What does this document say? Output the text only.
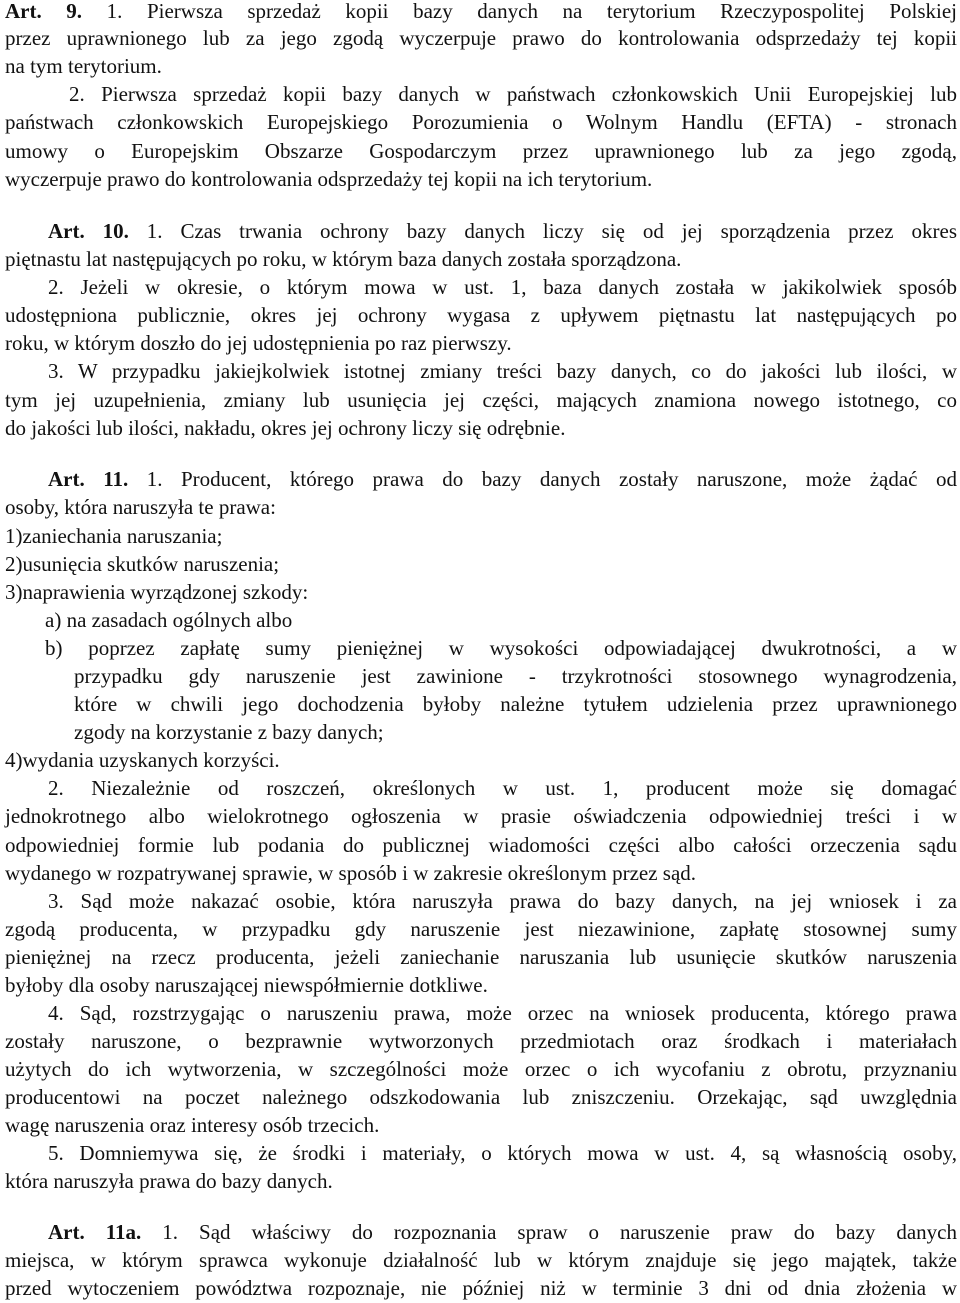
Art. 9. 1. Pierwsza sprzedaż kopii bazy danych na terytorium Rzeczypospolitej Polskiej
przez uprawnionego lub za jego zgodą wyczerpuje prawo do kontrolowania odsprzedaży tej kopii
na tym terytorium.
2. Pierwsza sprzedaż kopii bazy danych w państwach członkowskich Unii Europejskiej lub
państwach członkowskich Europejskiego Porozumienia o Wolnym Handlu (EFTA) - stronach
umowy o Europejskim Obszarze Gospodarczym przez uprawnionego lub za jego zgodą,
wyczerpuje prawo do kontrolowania odsprzedaży tej kopii na ich terytorium.
Art. 10. 1. Czas trwania ochrony bazy danych liczy się od jej sporządzenia przez okres
piętnastu lat następujących po roku, w którym baza danych została sporządzona.
2. Jeżeli w okresie, o którym mowa w ust. 1, baza danych została w jakikolwiek sposób
udostępniona publicznie, okres jej ochrony wygasa z upływem piętnastu lat następujących po
roku, w którym doszło do jej udostępnienia po raz pierwszy.
3. W przypadku jakiejkolwiek istotnej zmiany treści bazy danych, co do jakości lub ilości, w
tym jej uzupełnienia, zmiany lub usunięcia jej części, mających znamiona nowego istotnego, co
do jakości lub ilości, nakładu, okres jej ochrony liczy się odrębnie.
Art. 11. 1. Producent, którego prawa do bazy danych zostały naruszone, może żądać od
osoby, która naruszyła te prawa:
1)zaniechania naruszania;
2)usunięcia skutków naruszenia;
3)naprawienia wyrządzonej szkody:
a) na zasadach ogólnych albo
b) poprzez zapłatę sumy pieniężnej w wysokości odpowiadającej dwukrotności, a w
przypadku gdy naruszenie jest zawinione - trzykrotności stosownego wynagrodzenia,
które w chwili jego dochodzenia byłoby należne tytułem udzielenia przez uprawnionego
zgody na korzystanie z bazy danych;
4)wydania uzyskanych korzyści.
2. Niezależnie od roszczeń, określonych w ust. 1, producent może się domagać
jednokrotnego albo wielokrotnego ogłoszenia w prasie oświadczenia odpowiedniej treści i w
odpowiedniej formie lub podania do publicznej wiadomości części albo całości orzeczenia sądu
wydanego w rozpatrywanej sprawie, w sposób i w zakresie określonym przez sąd.
3. Sąd może nakazać osobie, która naruszyła prawa do bazy danych, na jej wniosek i za
zgodą producenta, w przypadku gdy naruszenie jest niezawinione, zapłatę stosownej sumy
pieniężnej na rzecz producenta, jeżeli zaniechanie naruszania lub usunięcie skutków naruszenia
byłoby dla osoby naruszającej niewspółmiernie dotkliwe.
4. Sąd, rozstrzygając o naruszeniu prawa, może orzec na wniosek producenta, którego prawa
zostały naruszone, o bezprawnie wytworzonych przedmiotach oraz środkach i materiałach
użytych do ich wytworzenia, w szczególności może orzec o ich wycofaniu z obrotu, przyznaniu
producentowi na poczet należnego odszkodowania lub zniszczeniu. Orzekając, sąd uwzględnia
wagę naruszenia oraz interesy osób trzecich.
5. Domniemywa się, że środki i materiały, o których mowa w ust. 4, są własnością osoby,
która naruszyła prawa do bazy danych.
Art. 11a. 1. Sąd właściwy do rozpoznania spraw o naruszenie praw do bazy danych
miejsca, w którym sprawca wykonuje działalność lub w którym znajduje się jego majątek, także
przed wytoczeniem powództwa rozpoznaje, nie później niż w terminie 3 dni od dnia złożenia w
